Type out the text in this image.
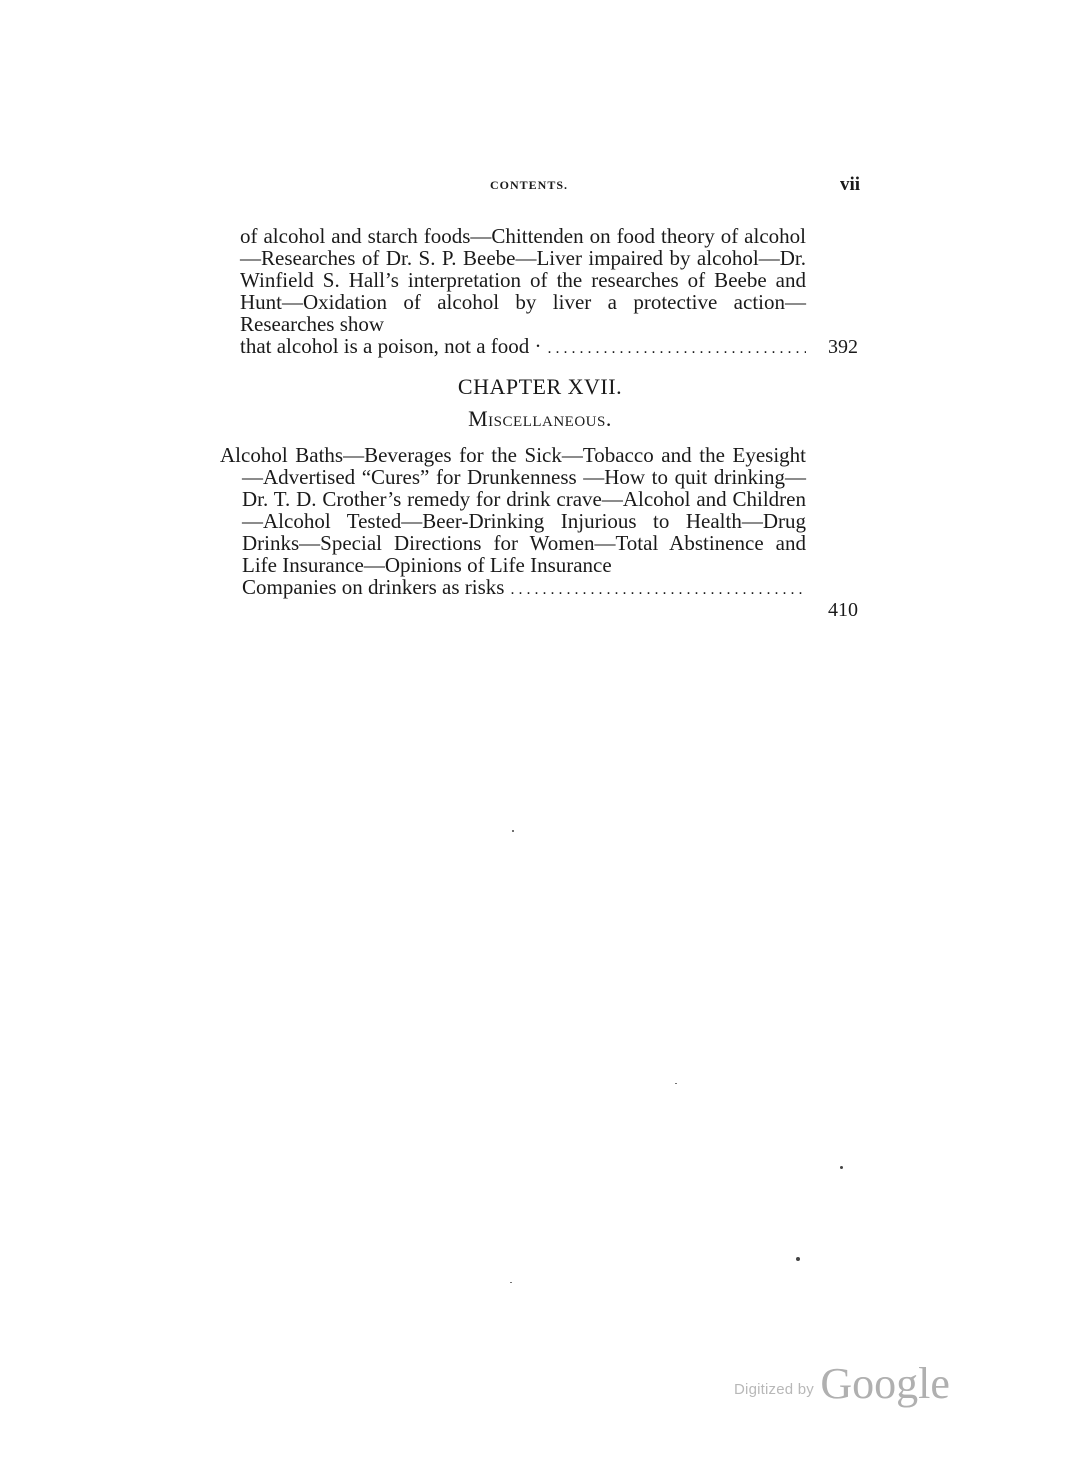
CONTENTS.	vii
of alcohol and starch foods—Chittenden on food theory of alcohol—Researches of Dr. S. P. Beebe—Liver impaired by alcohol—Dr. Winfield S. Hall’s interpretation of the researches of Beebe and Hunt—Oxidation of alcohol by liver a protective action—Researches show
that alcohol is a poison, not a food ·
. . .	392
CHAPTER XVII.
Miscellaneous.
Alcohol Baths—Beverages for the Sick—Tobacco and the Eyesight—Advertised “Cures” for Drunkenness —How to quit drinking—Dr. T. D. Crother’s remedy for drink crave—Alcohol and Children—Alcohol Tested—Beer-Drinking Injurious to Health—Drug Drinks—Special Directions for Women—Total Abstinence and Life Insurance—Opinions of Life Insurance
Companies on drinkers as risks
. . .
410
Digitized by Google
